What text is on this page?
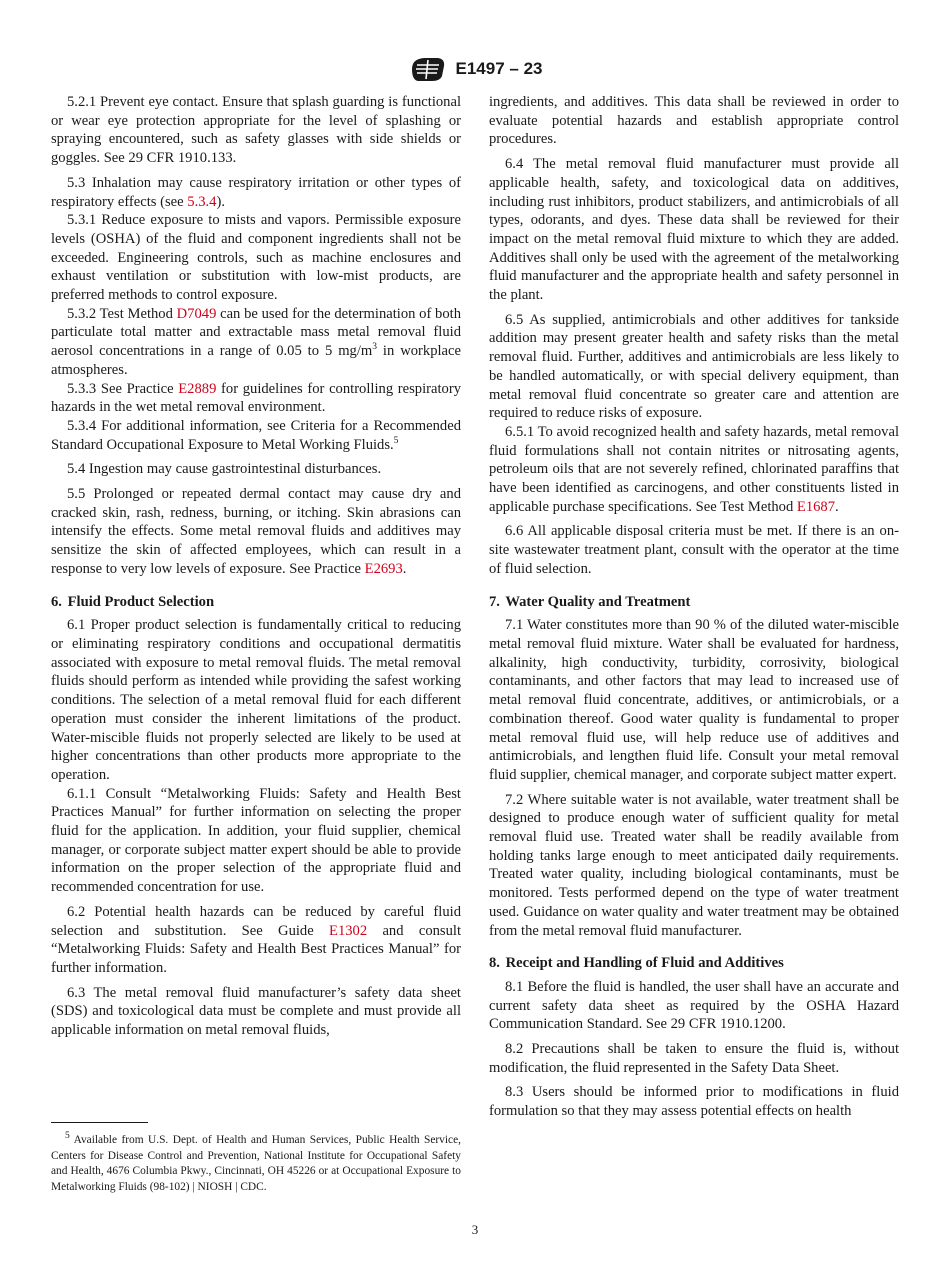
E1497 – 23

5.2.1 Prevent eye contact. Ensure that splash guarding is functional or wear eye protection appropriate for the level of splashing or spraying encountered, such as safety glasses with side shields or goggles. See 29 CFR 1910.133.

5.3 Inhalation may cause respiratory irritation or other types of respiratory effects (see 5.3.4).

5.3.1 Reduce exposure to mists and vapors. Permissible exposure levels (OSHA) of the fluid and component ingredients shall not be exceeded. Engineering controls, such as machine enclosures and exhaust ventilation or substitution with low-mist products, are preferred methods to control exposure.

5.3.2 Test Method D7049 can be used for the determination of both particulate total matter and extractable mass metal removal fluid aerosol concentrations in a range of 0.05 to 5 $mg/m^3$ in workplace atmospheres.

5.3.3 See Practice E2889 for guidelines for controlling respiratory hazards in the wet metal removal environment.

5.3.4 For additional information, see Criteria for a Recommended Standard Occupational Exposure to Metal Working Fluids.$^5$

5.4 Ingestion may cause gastrointestinal disturbances.

5.5 Prolonged or repeated dermal contact may cause dry and cracked skin, rash, redness, burning, or itching. Skin abrasions can intensify the effects. Some metal removal fluids and additives may sensitize the skin of affected employees, which can result in a response to very low levels of exposure. See Practice E2693.

6. Fluid Product Selection

6.1 Proper product selection is fundamentally critical to reducing or eliminating respiratory conditions and occupational dermatitis associated with exposure to metal removal fluids. The metal removal fluids should perform as intended while providing the safest working conditions. The selection of a metal removal fluid for each different operation must consider the inherent limitations of the product. Water-miscible fluids not properly selected are likely to be used at higher concentrations than other products more appropriate to the operation.

6.1.1 Consult “Metalworking Fluids: Safety and Health Best Practices Manual” for further information on selecting the proper fluid for the application. In addition, your fluid supplier, chemical manager, or corporate subject matter expert should be able to provide information on the proper selection of the appropriate fluid and recommended concentration for use.

6.2 Potential health hazards can be reduced by careful fluid selection and substitution. See Guide E1302 and consult “Metalworking Fluids: Safety and Health Best Practices Manual” for further information.

6.3 The metal removal fluid manufacturer’s safety data sheet (SDS) and toxicological data must be complete and must provide all applicable information on metal removal fluids,

$^5$ Available from U.S. Dept. of Health and Human Services, Public Health Service, Centers for Disease Control and Prevention, National Institute for Occupational Safety and Health, 4676 Columbia Pkwy., Cincinnati, OH 45226 or at Occupational Exposure to Metalworking Fluids (98-102) | NIOSH | CDC.

ingredients, and additives. This data shall be reviewed in order to evaluate potential hazards and establish appropriate control procedures.

6.4 The metal removal fluid manufacturer must provide all applicable health, safety, and toxicological data on additives, including rust inhibitors, product stabilizers, and antimicrobials of all types, odorants, and dyes. These data shall be reviewed for their impact on the metal removal fluid mixture to which they are added. Additives shall only be used with the agreement of the metalworking fluid manufacturer and the appropriate health and safety personnel in the plant.

6.5 As supplied, antimicrobials and other additives for tankside addition may present greater health and safety risks than the metal removal fluid. Further, additives and antimicrobials are less likely to be handled automatically, or with special delivery equipment, than metal removal fluid concentrate so greater care and attention are required to reduce risks of exposure.

6.5.1 To avoid recognized health and safety hazards, metal removal fluid formulations shall not contain nitrites or nitrosating agents, petroleum oils that are not severely refined, chlorinated paraffins that have been identified as carcinogens, and other constituents listed in applicable purchase specifications. See Test Method E1687.

6.6 All applicable disposal criteria must be met. If there is an on-site wastewater treatment plant, consult with the operator at the time of fluid selection.

7. Water Quality and Treatment

7.1 Water constitutes more than 90 % of the diluted water-miscible metal removal fluid mixture. Water shall be evaluated for hardness, alkalinity, high conductivity, turbidity, corrosivity, biological contaminants, and other factors that may lead to increased use of metal removal fluid concentrate, additives, or antimicrobials, or a combination thereof. Good water quality is fundamental to proper metal removal fluid use, will help reduce use of additives and antimicrobials, and lengthen fluid life. Consult your metal removal fluid supplier, chemical manager, and corporate subject matter expert.

7.2 Where suitable water is not available, water treatment shall be designed to produce enough water of sufficient quality for metal removal fluid use. Treated water shall be readily available from holding tanks large enough to meet anticipated daily requirements. Treated water quality, including biological contaminants, must be monitored. Tests performed depend on the type of water treatment used. Guidance on water quality and water treatment may be obtained from the metal removal fluid manufacturer.

8. Receipt and Handling of Fluid and Additives

8.1 Before the fluid is handled, the user shall have an accurate and current safety data sheet as required by the OSHA Hazard Communication Standard. See 29 CFR 1910.1200.

8.2 Precautions shall be taken to ensure the fluid is, without modification, the fluid represented in the Safety Data Sheet.

8.3 Users should be informed prior to modifications in fluid formulation so that they may assess potential effects on health

3
